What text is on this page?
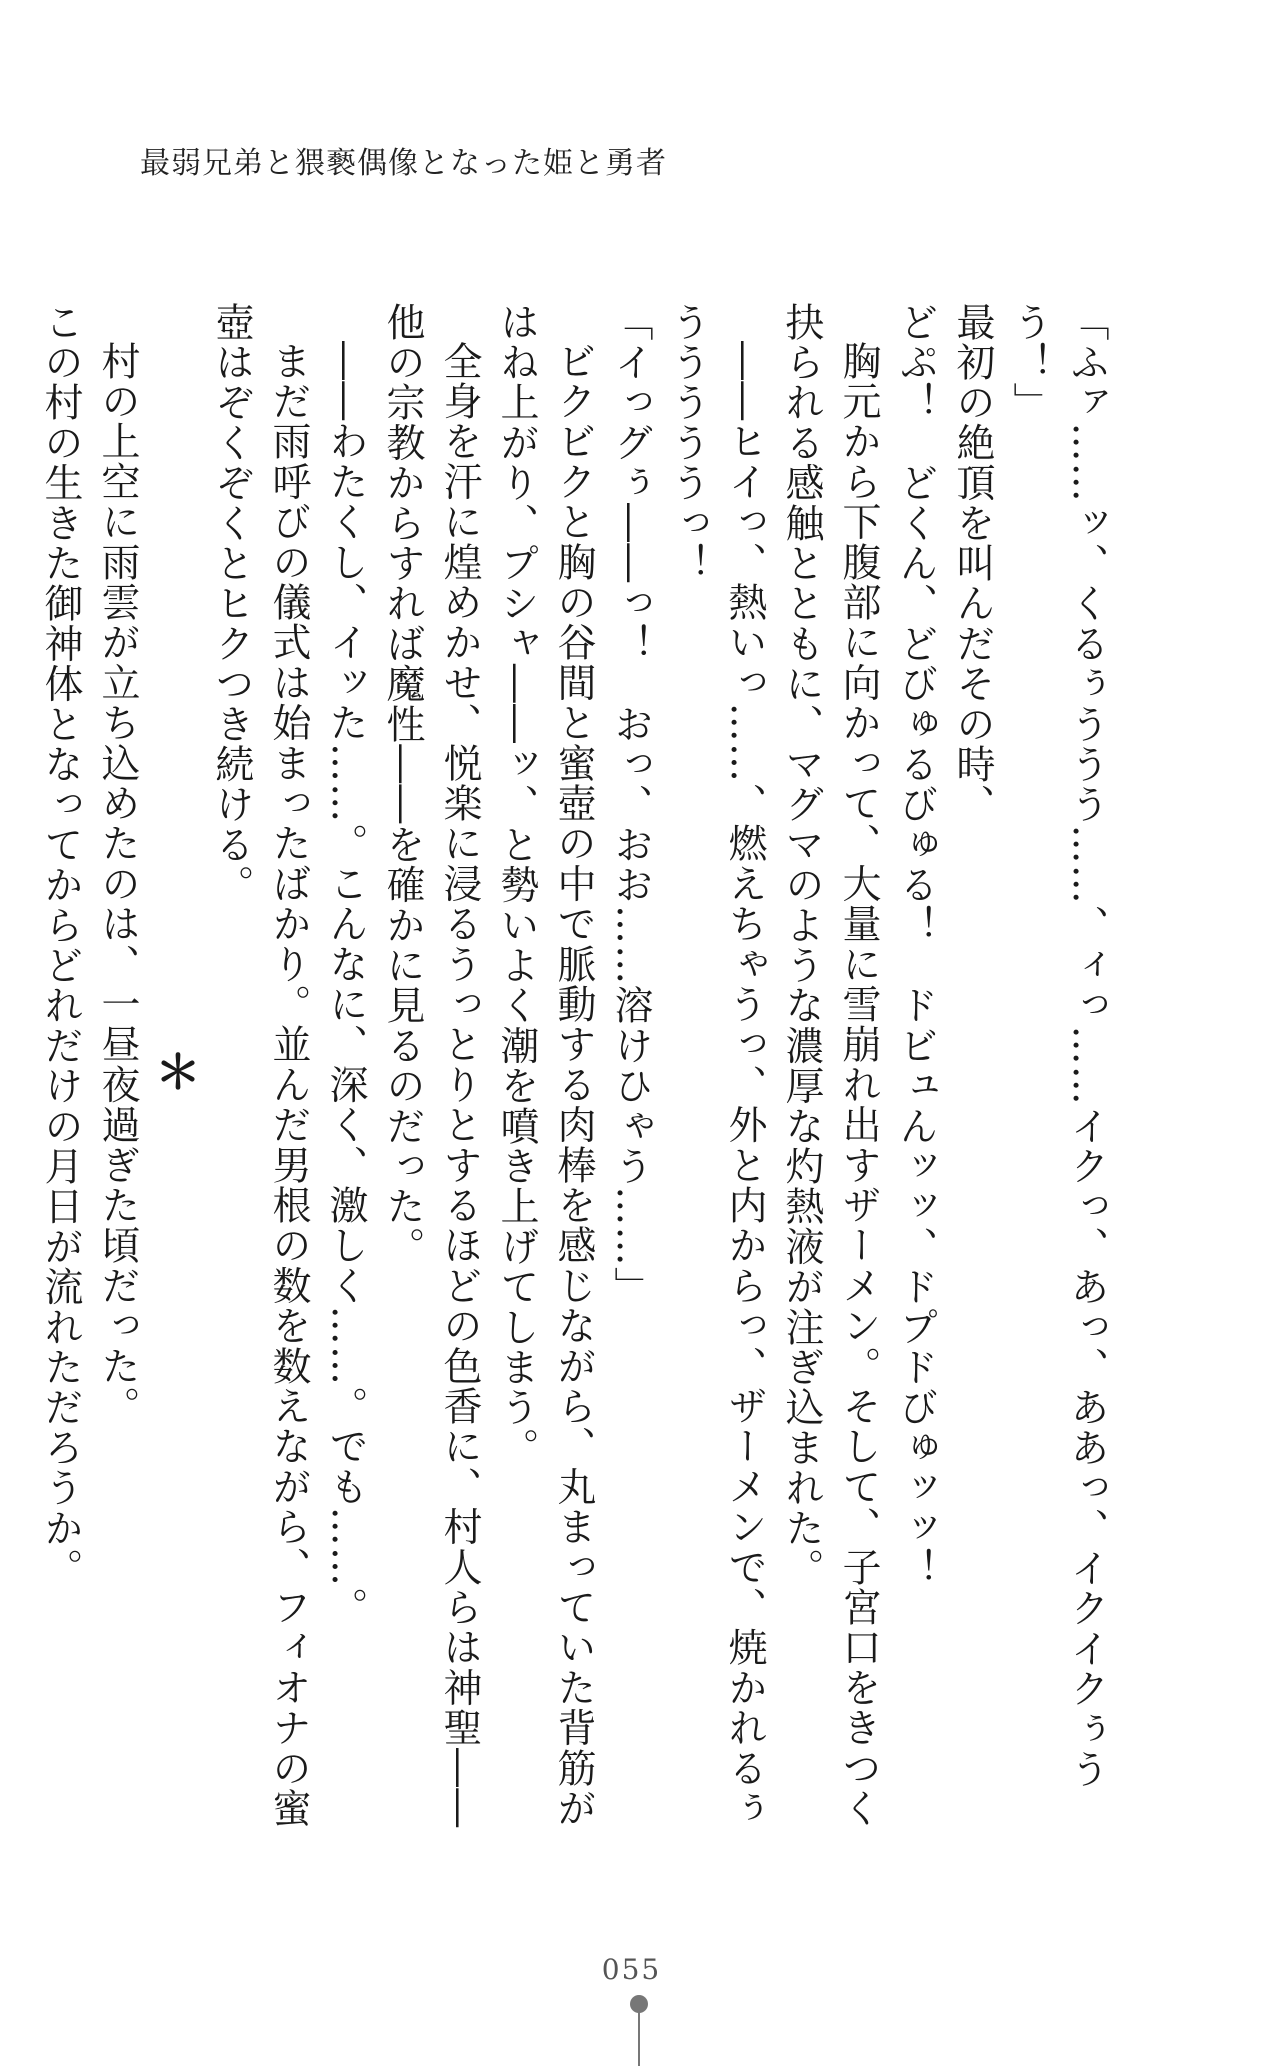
最弱兄弟と猥褻偶像となった姫と勇者

「ふァ……ッ、くるぅううう……、ィっ……イクっ、あっ、ああっ、イクイクぅうう！」

最初の絶頂を叫んだその時、

どぷ！　どくん、どびゅるびゅる！　ドビュんッッ、ドプドびゅッッ！

胸元から下腹部に向かって、大量に雪崩れ出すザーメン。そして、子宮口をきつく抉られる感触とともに、マグマのような濃厚な灼熱液が注ぎ込まれた。

――ヒイっ、熱いっ……、燃えちゃうっ、外と内からっ、ザーメンで、焼かれるぅうううううっ！

「イっグぅ――っ！　おっ、おお……溶けひゃう……」

ビクビクと胸の谷間と蜜壺の中で脈動する肉棒を感じながら、丸まっていた背筋がはね上がり、プシャ――ッ、と勢いよく潮を噴き上げてしまう。

全身を汗に煌めかせ、悦楽に浸るうっとりとするほどの色香に、村人らは神聖――他の宗教からすれば魔性――を確かに見るのだった。

――わたくし、イッた……。こんなに、深く、激しく……。でも……。

まだ雨呼びの儀式は始まったばかり。並んだ男根の数を数えながら、フィオナの蜜壺はぞくぞくとヒクつき続ける。

＊

村の上空に雨雲が立ち込めたのは、一昼夜過ぎた頃だった。

この村の生きた御神体となってからどれだけの月日が流れただろうか。

055
